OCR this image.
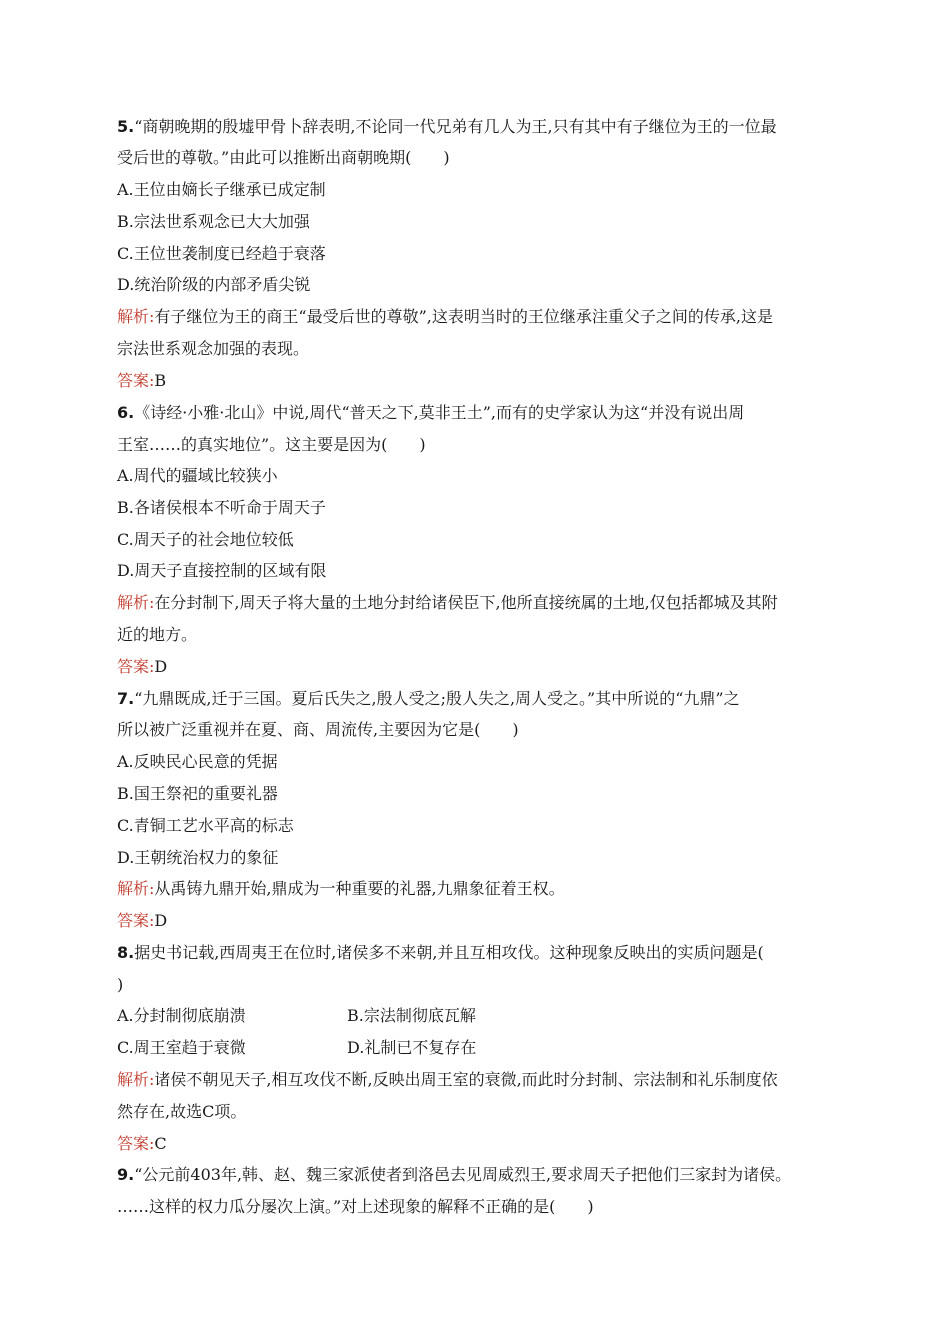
5.“商朝晚期的殷墟甲骨卜辞表明,不论同一代兄弟有几人为王,只有其中有子继位为王的一位最
受后世的尊敬。”由此可以推断出商朝晚期(　　)
A.王位由嫡长子继承已成定制
B.宗法世系观念已大大加强
C.王位世袭制度已经趋于衰落
D.统治阶级的内部矛盾尖锐
解析:有子继位为王的商王“最受后世的尊敬”,这表明当时的王位继承注重父子之间的传承,这是
宗法世系观念加强的表现。
答案:B
6.《诗经·小雅·北山》中说,周代“普天之下,莫非王土”,而有的史学家认为这“并没有说出周
王室……的真实地位”。这主要是因为(　　)
A.周代的疆域比较狭小
B.各诸侯根本不听命于周天子
C.周天子的社会地位较低
D.周天子直接控制的区域有限
解析:在分封制下,周天子将大量的土地分封给诸侯臣下,他所直接统属的土地,仅包括都城及其附
近的地方。
答案:D
7.“九鼎既成,迁于三国。夏后氏失之,殷人受之;殷人失之,周人受之。”其中所说的“九鼎”之
所以被广泛重视并在夏、商、周流传,主要因为它是(　　)
A.反映民心民意的凭据
B.国王祭祀的重要礼器
C.青铜工艺水平高的标志
D.王朝统治权力的象征
解析:从禹铸九鼎开始,鼎成为一种重要的礼器,九鼎象征着王权。
答案:D
8.据史书记载,西周夷王在位时,诸侯多不来朝,并且互相攻伐。这种现象反映出的实质问题是(
)
A.分封制彻底崩溃	B.宗法制彻底瓦解
C.周王室趋于衰微	D.礼制已不复存在
解析:诸侯不朝见天子,相互攻伐不断,反映出周王室的衰微,而此时分封制、宗法制和礼乐制度依
然存在,故选C项。
答案:C
9.“公元前403年,韩、赵、魏三家派使者到洛邑去见周威烈王,要求周天子把他们三家封为诸侯。
……这样的权力瓜分屡次上演。”对上述现象的解释不正确的是(　　)
